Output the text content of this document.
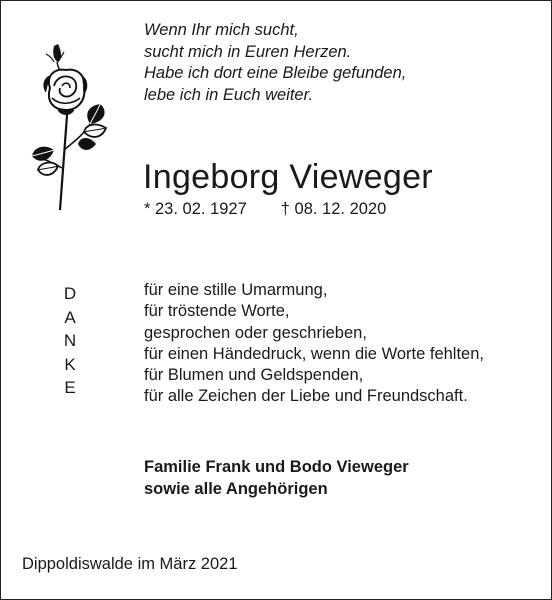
Wenn Ihr mich sucht,
sucht mich in Euren Herzen.
Habe ich dort eine Bleibe gefunden,
lebe ich in Euch weiter.
Ingeborg Vieweger
* 23. 02. 1927 † 08. 12. 2020
D
A
N
K
E
für eine stille Umarmung,
für tröstende Worte,
gesprochen oder geschrieben,
für einen Händedruck, wenn die Worte fehlten,
für Blumen und Geldspenden,
für alle Zeichen der Liebe und Freundschaft.
Familie Frank und Bodo Vieweger
sowie alle Angehörigen
Dippoldiswalde im März 2021
